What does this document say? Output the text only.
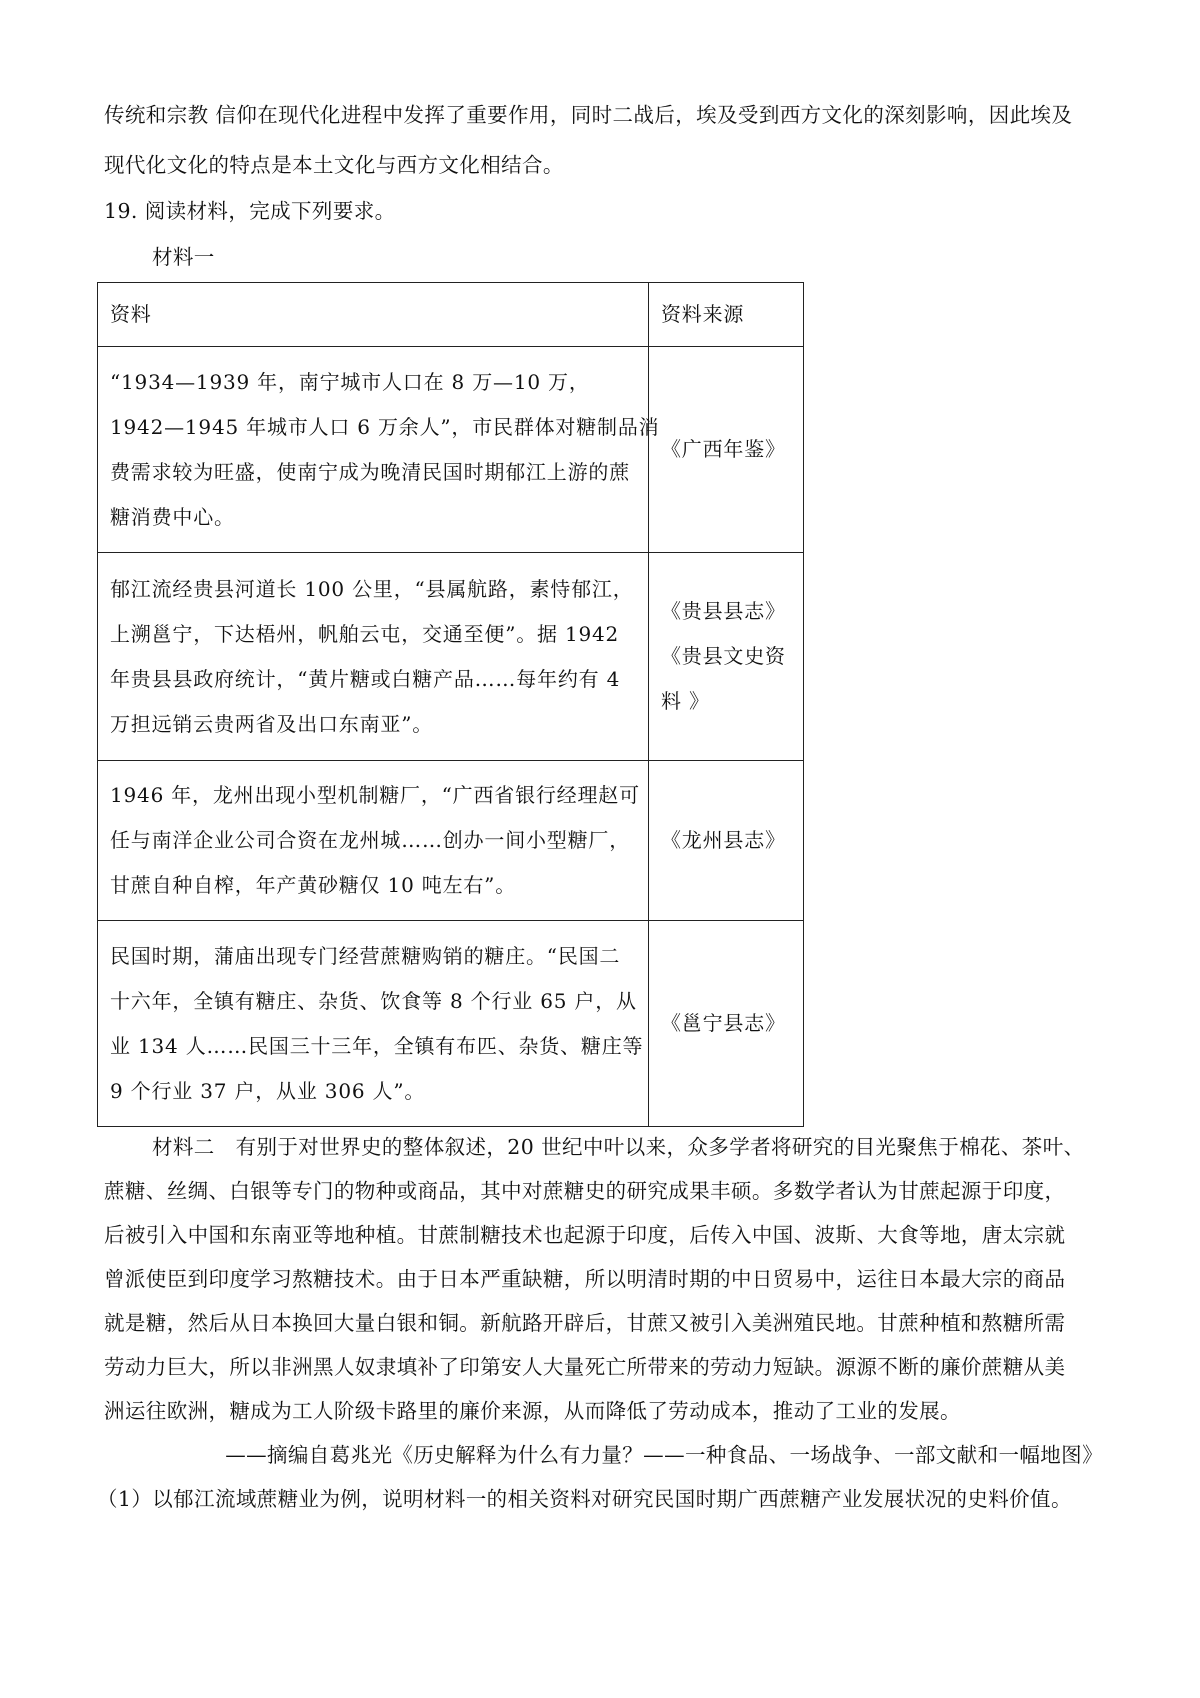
传统和宗教 信仰在现代化进程中发挥了重要作用，同时二战后，埃及受到西方文化的深刻影响，因此埃及

现代化文化的特点是本土文化与西方文化相结合。

19. 阅读材料，完成下列要求。

材料一

资料	资料来源

“1934—1939 年，南宁城市人口在 8 万—10 万，
1942—1945 年城市人口 6 万余人”，市民群体对糖制品消
费需求较为旺盛，使南宁成为晚清民国时期郁江上游的蔗
糖消费中心。	《广西年鉴》

郁江流经贵县河道长 100 公里，“县属航路，素恃郁江，
上溯邕宁，下达梧州，帆舶云屯，交通至便”。据 1942
年贵县县政府统计，“黄片糖或白糖产品……每年约有 4
万担远销云贵两省及出口东南亚”。	《贵县县志》
《贵县文史资
料 》

1946 年，龙州出现小型机制糖厂，“广西省银行经理赵可
任与南洋企业公司合资在龙州城……创办一间小型糖厂，
甘蔗自种自榨，年产黄砂糖仅 10 吨左右”。	《龙州县志》

民国时期，蒲庙出现专门经营蔗糖购销的糖庄。“民国二
十六年，全镇有糖庄、杂货、饮食等 8 个行业 65 户，从
业 134 人……民国三十三年，全镇有布匹、杂货、糖庄等
9 个行业 37 户，从业 306 人”。	《邕宁县志》

材料二　有别于对世界史的整体叙述，20 世纪中叶以来，众多学者将研究的目光聚焦于棉花、茶叶、

蔗糖、丝绸、白银等专门的物种或商品，其中对蔗糖史的研究成果丰硕。多数学者认为甘蔗起源于印度，

后被引入中国和东南亚等地种植。甘蔗制糖技术也起源于印度，后传入中国、波斯、大食等地，唐太宗就

曾派使臣到印度学习熬糖技术。由于日本严重缺糖，所以明清时期的中日贸易中，运往日本最大宗的商品

就是糖，然后从日本换回大量白银和铜。新航路开辟后，甘蔗又被引入美洲殖民地。甘蔗种植和熬糖所需

劳动力巨大，所以非洲黑人奴隶填补了印第安人大量死亡所带来的劳动力短缺。源源不断的廉价蔗糖从美

洲运往欧洲，糖成为工人阶级卡路里的廉价来源，从而降低了劳动成本，推动了工业的发展。

——摘编自葛兆光《历史解释为什么有力量？——一种食品、一场战争、一部文献和一幅地图》

（1）以郁江流域蔗糖业为例，说明材料一的相关资料对研究民国时期广西蔗糖产业发展状况的史料价值。
